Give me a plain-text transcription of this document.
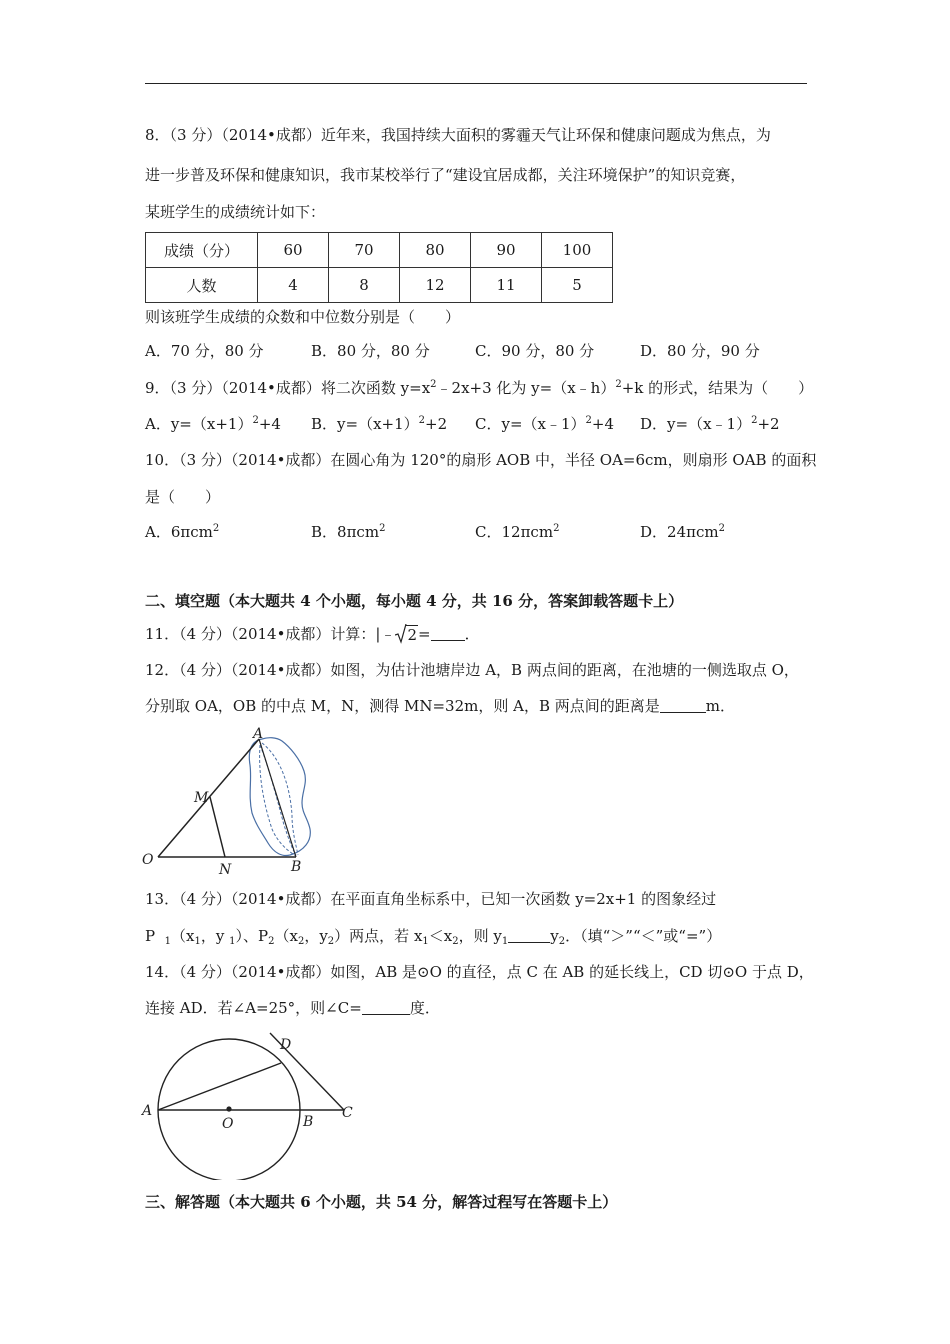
8．（3 分）（2014•成都）近年来，我国持续大面积的雾霾天气让环保和健康问题成为焦点，为
进一步普及环保和健康知识，我市某校举行了“建设宜居成都，关注环境保护”的知识竞赛，
某班学生的成绩统计如下：
成绩（分）	60	70	80	90	100
人数	4	8	12	11	5
则该班学生成绩的众数和中位数分别是（　　）
A．70 分，80 分	B．80 分，80 分	C．90 分，80 分	D．80 分，90 分
9．（3 分）（2014•成都）将二次函数 $y=x^2﹣2x+3$ 化为 y=（x﹣h）$^2$+k 的形式，结果为（　　）
A．$y=(x+1)^2+4$ B．$y=(x+1)^2+2$ C．y=（x﹣1）$^2$+4 D．y=（x﹣1）$^2$+2
10．（3 分）（2014•成都）在圆心角为 120°的扇形 AOB 中，半径 OA=6cm，则扇形 OAB 的面积
是（　　）
A．6πcm$^2$	B．8πcm$^2$	C．12πcm$^2$	D．24πcm$^2$
二、填空题（本大题共 4 个小题，每小题 4 分，共 16 分，答案卸载答题卡上）
11．（4 分）（2014•成都）计算：|﹣ 2= ．
12．（4 分）（2014•成都）如图，为估计池塘岸边 A，B 两点间的距离，在池塘的一侧选取点 O，
分别取 OA，OB 的中点 M，N，测得 MN=32m，则 A，B 两点间的距离是	m．
A
M
O
N	B
13．（4 分）（2014•成都）在平面直角坐标系中，已知一次函数 y=2x+1 的图象经过
P $_1(x_1$，y $_1$）、$P_2(x_2$，$y_2$）两点，若 $x_1<x_2$，则 $y_1$	$y_2$．（填“＞”“＜”或“=”）
14．（4 分）（2014•成都）如图，AB 是⊙O 的直径，点 C 在 AB 的延长线上，CD 切⊙O 于点 D，
连接 AD．若∠A=25°，则∠C=	度．
D
A
O	B
C
三、解答题（本大题共 6 个小题，共 54 分，解答过程写在答题卡上）
